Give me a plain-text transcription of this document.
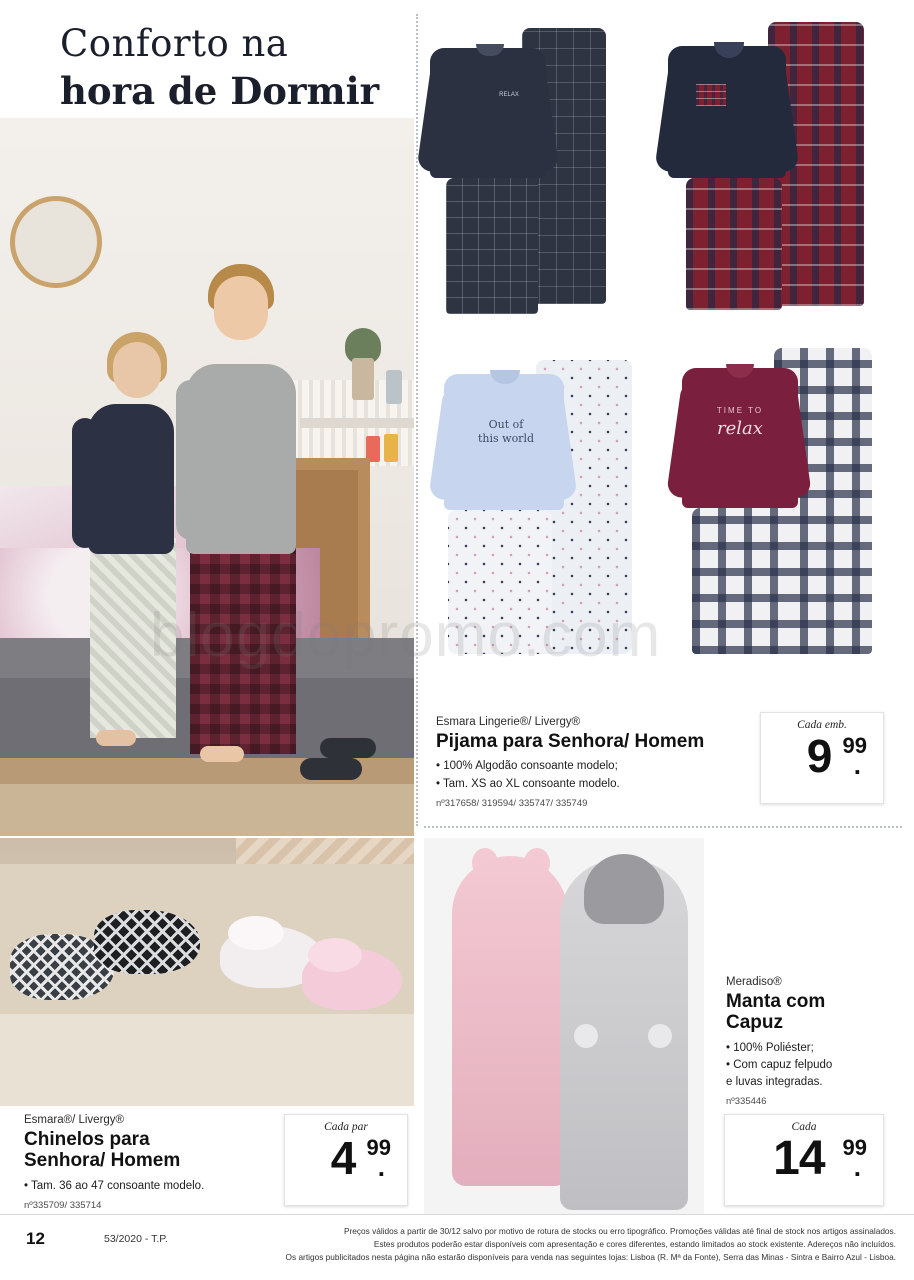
Conforto na
hora de Dormir	RELAX
Out of
this world
TIME TO
relax
Esmara Lingerie®/ Livergy®
Pijama para Senhora/ Homem
• 100% Algodão consoante modelo;
• Tam. XS ao XL consoante modelo.
nº317658/ 319594/ 335747/ 335749
Cada emb.
9 99
.
Esmara®/ Livergy®
Chinelos para
Senhora/ Homem
• Tam. 36 ao 47 consoante modelo.
nº335709/ 335714
Cada par
4 99
.
Meradiso®
Manta com
Capuz
• 100% Poliéster;
• Com capuz felpudo
e luvas integradas.
nº335446
Cada
14 99
.
12	53/2020 - T.P.
Preços válidos a partir de 30/12 salvo por motivo de rotura de stocks ou erro tipográfico. Promoções válidas até final de stock nos artigos assinalados.
Estes produtos poderão estar disponíveis com apresentação e cores diferentes, estando limitados ao stock existente. Adereços não incluídos.
Os artigos publicitados nesta página não estarão disponíveis para venda nas seguintes lojas: Lisboa (R. Mª da Fonte), Serra das Minas - Sintra e Bairro Azul - Lisboa.
